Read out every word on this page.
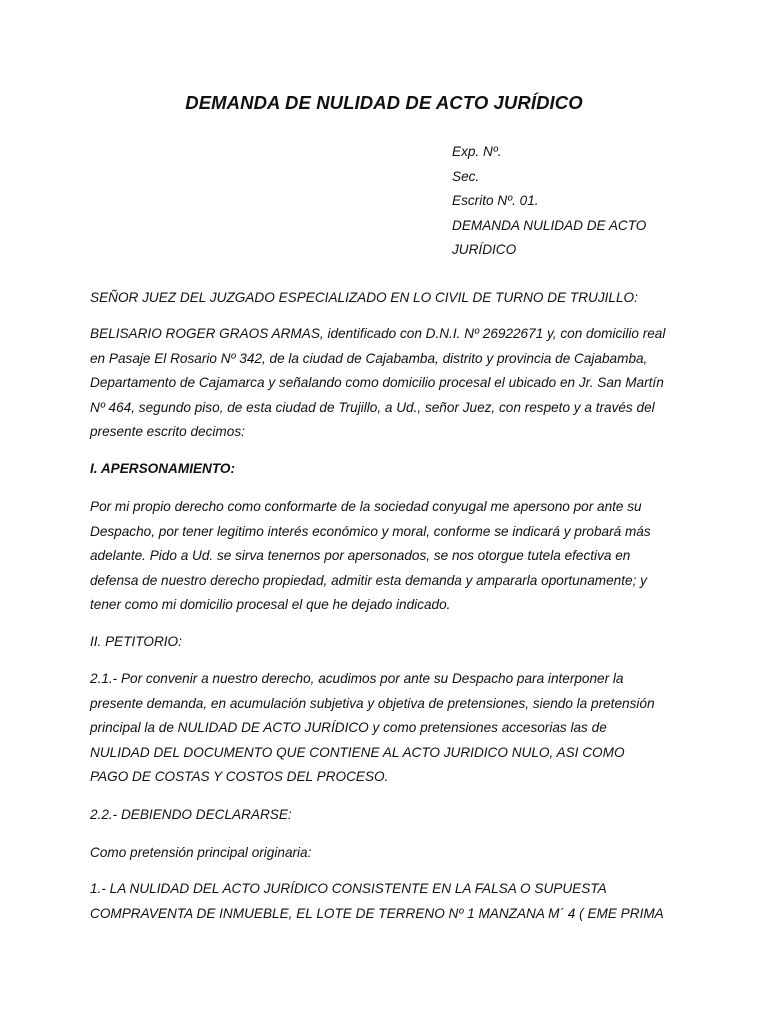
DEMANDA DE NULIDAD DE ACTO JURÍDICO
Exp. Nº.
Sec.
Escrito Nº. 01.
DEMANDA NULIDAD DE ACTO
JURÍDICO
SEÑOR JUEZ DEL JUZGADO ESPECIALIZADO EN LO CIVIL DE TURNO DE TRUJILLO:
BELISARIO ROGER GRAOS ARMAS, identificado con D.N.I. Nº 26922671 y, con domicilio real
en Pasaje El Rosario Nº 342, de la ciudad de Cajabamba, distrito y provincia de Cajabamba,
Departamento de Cajamarca y señalando como domicilio procesal el ubicado en Jr. San Martín
Nº 464, segundo piso, de esta ciudad de Trujillo, a Ud., señor Juez, con respeto y a través del
presente escrito decimos:
I. APERSONAMIENTO:
Por mi propio derecho como conformarte de la sociedad conyugal me apersono por ante su
Despacho, por tener legitimo interés económico y moral, conforme se indicará y probará más
adelante. Pido a Ud. se sirva tenernos por apersonados, se nos otorgue tutela efectiva en
defensa de nuestro derecho propiedad, admitir esta demanda y ampararla oportunamente; y
tener como mi domicilio procesal el que he dejado indicado.
II. PETITORIO:
2.1.- Por convenir a nuestro derecho, acudimos por ante su Despacho para interponer la
presente demanda, en acumulación subjetiva y objetiva de pretensiones, siendo la pretensión
principal la de NULIDAD DE ACTO JURÍDICO y como pretensiones accesorias las de
NULIDAD DEL DOCUMENTO QUE CONTIENE AL ACTO JURIDICO NULO, ASI COMO
PAGO DE COSTAS Y COSTOS DEL PROCESO.
2.2.- DEBIENDO DECLARARSE:
Como pretensión principal originaria:
1.- LA NULIDAD DEL ACTO JURÍDICO CONSISTENTE EN LA FALSA O SUPUESTA
COMPRAVENTA DE INMUEBLE, EL LOTE DE TERRENO Nº 1 MANZANA M´ 4 ( EME PRIMA
